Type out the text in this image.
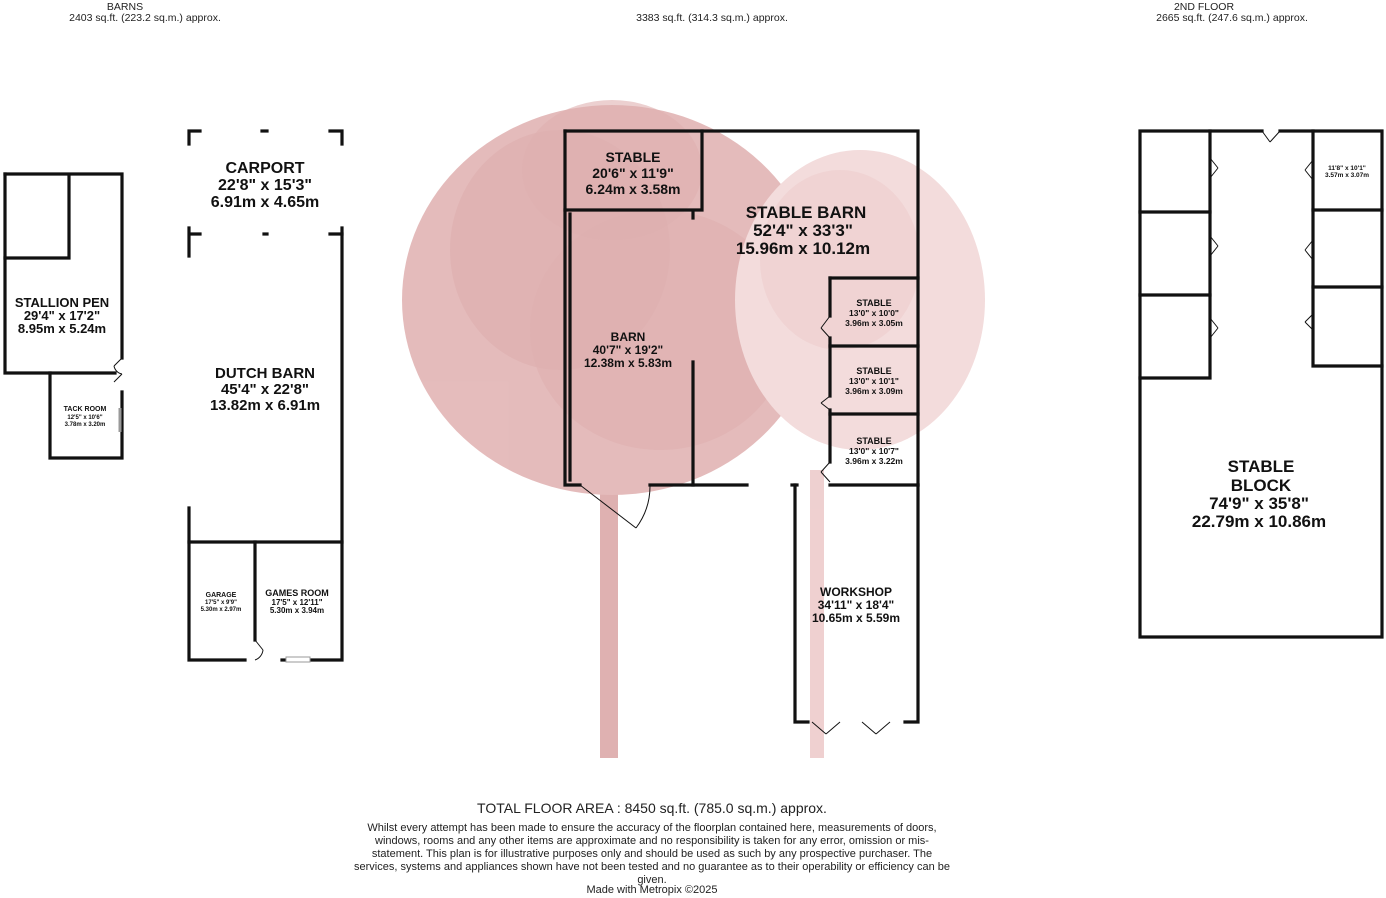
BARNS
2403 sq.ft. (223.2 sq.m.) approx.	3383 sq.ft. (314.3 sq.m.) approx.
2ND FLOOR
2665 sq.ft. (247.6 sq.m.) approx.
STALLION PEN
29'4" x 17'2"
8.95m x 5.24m
TACK ROOM
12'5" x 10'6"
3.78m x 3.20m
CARPORT
22'8" x 15'3"
6.91m x 4.65m
DUTCH BARN
45'4" x 22'8"
13.82m x 6.91m
GARAGE
17'5" x 9'9"
5.30m x 2.97m
GAMES ROOM
17'5" x 12'11"
5.30m x 3.94m
STABLE
20'6" x 11'9"
6.24m x 3.58m
STABLE BARN
52'4" x 33'3"
15.96m x 10.12m
BARN
40'7" x 19'2"
12.38m x 5.83m
STABLE
13'0" x 10'0"
3.96m x 3.05m
STABLE
13'0" x 10'1"
3.96m x 3.09m
STABLE
13'0" x 10'7"
3.96m x 3.22m
WORKSHOP
34'11" x 18'4"
10.65m x 5.59m
11'8" x 10'1"
3.57m x 3.07m
STABLE
BLOCK
74'9" x 35'8"
22.79m x 10.86m
TOTAL FLOOR AREA : 8450 sq.ft. (785.0 sq.m.) approx.
Whilst every attempt has been made to ensure the accuracy of the floorplan contained here, measurements of doors, windows, rooms and any other items are approximate and no responsibility is taken for any error, omission or mis-statement. This plan is for illustrative purposes only and should be used as such by any prospective purchaser. The services, systems and appliances shown have not been tested and no guarantee as to their operability or efficiency can be given.
Made with Metropix ©2025
